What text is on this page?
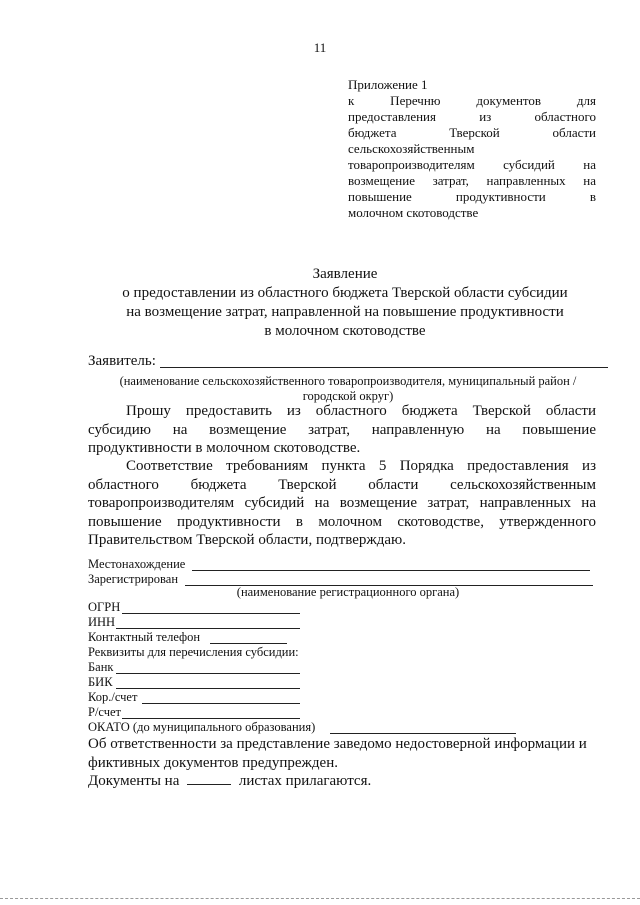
11
Приложение 1
к Перечню документов для
предоставления из областного
бюджета Тверской области
сельскохозяйственным
товаропроизводителям субсидий на
возмещение затрат, направленных на
повышение продуктивности в
молочном скотоводстве
Заявление
о предоставлении из областного бюджета Тверской области субсидии
на возмещение затрат, направленной на повышение продуктивности
в молочном скотоводстве
Заявитель:
(наименование сельскохозяйственного товаропроизводителя, муниципальный район /
городской округ)
Прошу предоставить из областного бюджета Тверской области
субсидию на возмещение затрат, направленную на повышение
продуктивности в молочном скотоводстве.
Соответствие требованиям пункта 5 Порядка предоставления из
областного бюджета Тверской области сельскохозяйственным
товаропроизводителям субсидий на возмещение затрат, направленных на
повышение продуктивности в молочном скотоводстве, утвержденного
Правительством Тверской области, подтверждаю.
Местонахождение
Зарегистрирован
(наименование регистрационного органа)
ОГРН
ИНН
Контактный телефон
Реквизиты для перечисления субсидии:
Банк
БИК
Кор./счет
Р/счет
ОКАТО (до муниципального образования)
Об ответственности за представление заведомо недостоверной информации и
фиктивных документов предупрежден.
Документы на	листах прилагаются.
